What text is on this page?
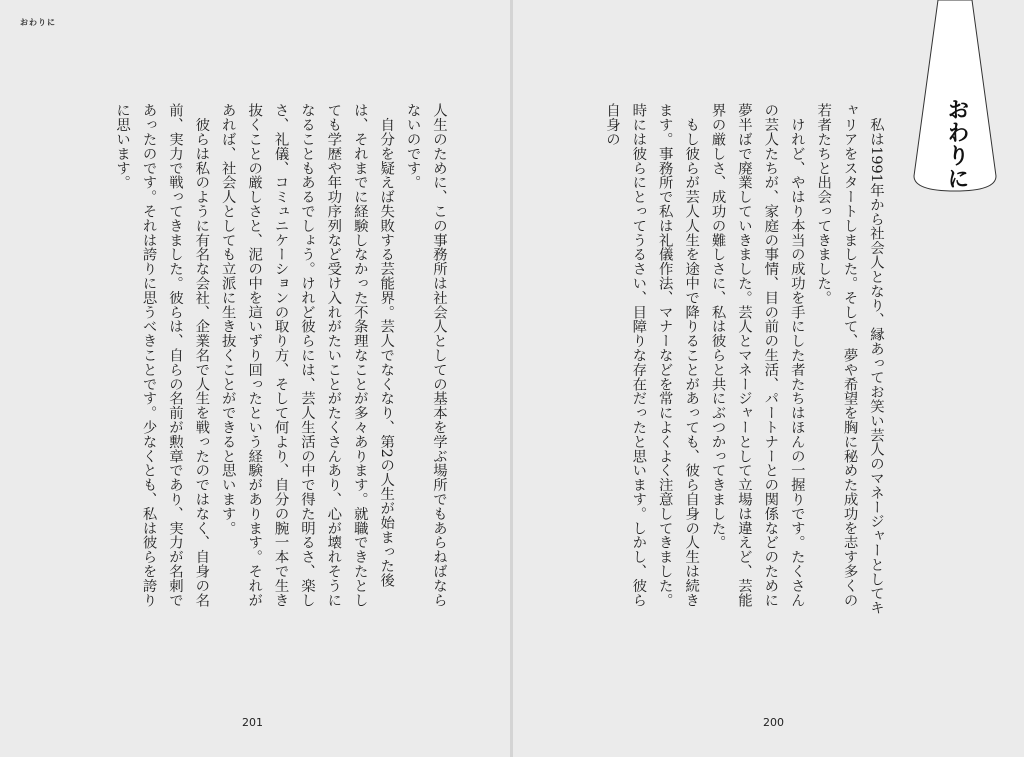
おわりに

人生のために、この事務所は社会人としての基本を学ぶ場所でもあらねばならないのです。

　自分を疑えば失敗する芸能界。芸人でなくなり、第2の人生が始まった後は、それまでに経験しなかった不条理なことが多々あります。就職できたとしても学歴や年功序列など受け入れがたいことがたくさんあり、心が壊れそうになることもあるでしょう。けれど彼らには、芸人生活の中で得た明るさ、楽しさ、礼儀、コミュニケーションの取り方、そして何より、自分の腕一本で生き抜くことの厳しさと、泥の中を這いずり回ったという経験があります。それがあれば、社会人としても立派に生き抜くことができると思います。

　彼らは私のように有名な会社、企業名で人生を戦ったのではなく、自身の名前、実力で戦ってきました。彼らは、自らの名前が勲章であり、実力が名刺であったのです。それは誇りに思うべきことです。少なくとも、私は彼らを誇りに思います。

201	200

　私は1991年から社会人となり、縁あってお笑い芸人のマネージャーとしてキャリアをスタートしました。そして、夢や希望を胸に秘めた成功を志す多くの若者たちと出会ってきました。

　けれど、やはり本当の成功を手にした者たちはほんの一握りです。たくさんの芸人たちが、家庭の事情、目の前の生活、パートナーとの関係などのために夢半ばで廃業していきました。芸人とマネージャーとして立場は違えど、芸能界の厳しさ、成功の難しさに、私は彼らと共にぶつかってきました。

　もし彼らが芸人人生を途中で降りることがあっても、彼ら自身の人生は続きます。事務所で私は礼儀作法、マナーなどを常によくよく注意してきました。時には彼らにとってうるさい、目障りな存在だったと思います。しかし、彼ら自身の	おわりに
